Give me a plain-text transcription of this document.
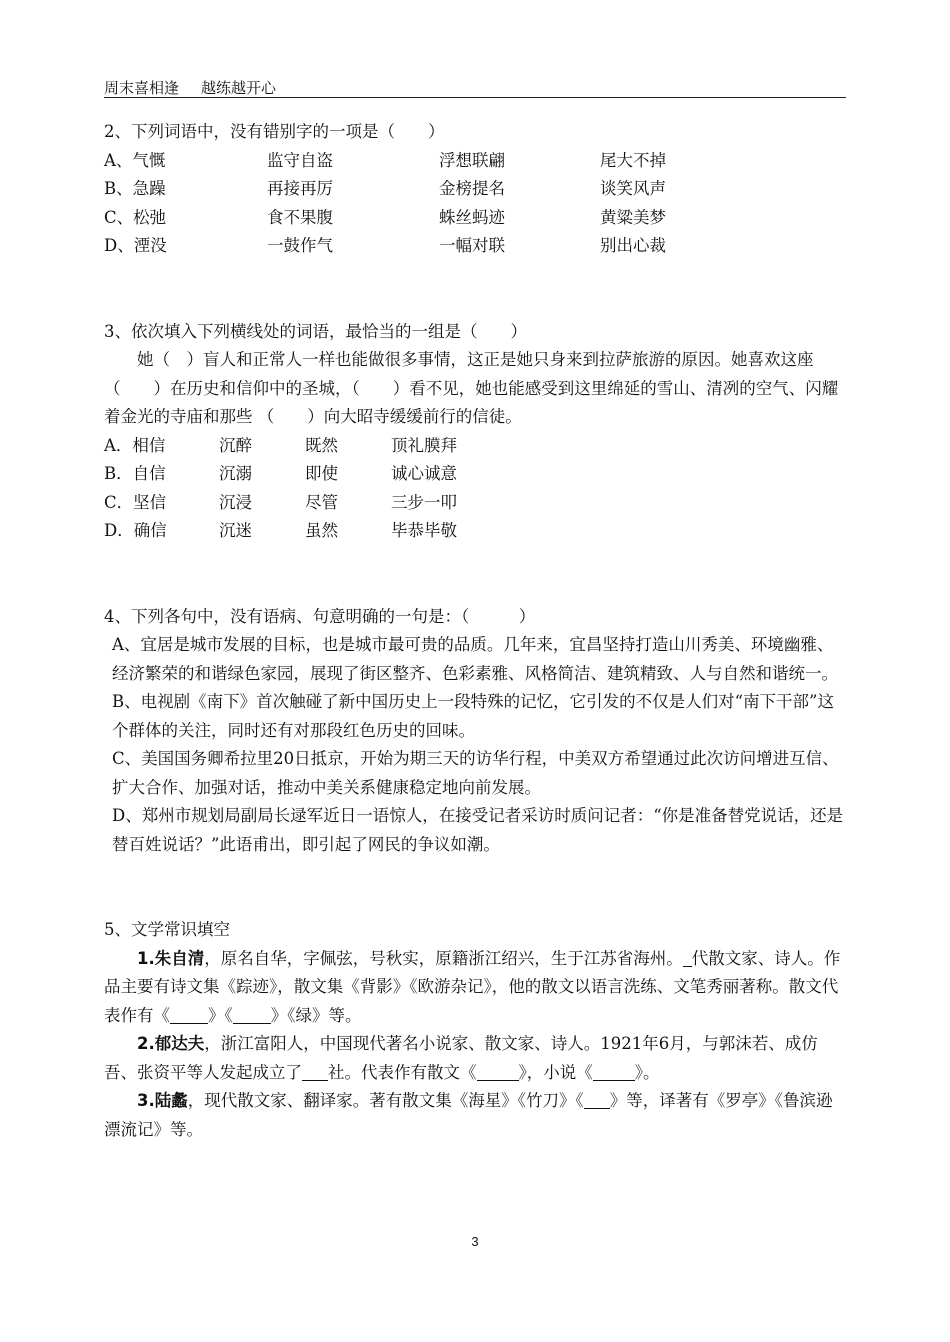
周末喜相逢 越练越开心
2、下列词语中，没有错别字的一项是（　　）
A、气慨	监守自盗	浮想联翩	尾大不掉
B、急躁	再接再厉	金榜提名	谈笑风声
C、松弛	食不果腹	蛛丝蚂迹	黄粱美梦
D、湮没	一鼓作气	一幅对联	别出心裁
3、依次填入下列横线处的词语，最恰当的一组是（　　）
她（　）盲人和正常人一样也能做很多事情，这正是她只身来到拉萨旅游的原因。她喜欢这座（　　）在历史和信仰中的圣城，（　　）看不见，她也能感受到这里绵延的雪山、清冽的空气、闪耀着金光的寺庙和那些 （　　）向大昭寺缓缓前行的信徒。
A．相信	沉醉	既然	顶礼膜拜
B．自信	沉溺	即使	诚心诚意
C．坚信	沉浸	尽管	三步一叩
D．确信	沉迷	虽然	毕恭毕敬
4、下列各句中，没有语病、句意明确的一句是：（　　　）
A、宜居是城市发展的目标，也是城市最可贵的品质。几年来，宜昌坚持打造山川秀美、环境幽雅、经济繁荣的和谐绿色家园，展现了街区整齐、色彩素雅、风格简洁、建筑精致、人与自然和谐统一。
B、电视剧《南下》首次触碰了新中国历史上一段特殊的记忆，它引发的不仅是人们对“南下干部”这个群体的关注，同时还有对那段红色历史的回味。
C、美国国务卿希拉里20日抵京，开始为期三天的访华行程，中美双方希望通过此次访问增进互信、扩大合作、加强对话，推动中美关系健康稳定地向前发展。
D、郑州市规划局副局长逯军近日一语惊人，在接受记者采访时质问记者：“你是准备替党说话，还是替百姓说话？”此语甫出，即引起了网民的争议如潮。
5、文学常识填空
1.朱自清，原名自华，字佩弦，号秋实，原籍浙江绍兴，生于江苏省海州。 代散文家、诗人。作品主要有诗文集《踪迹》，散文集《背影》《欧游杂记》，他的散文以语言洗练、文笔秀丽著称。散文代表作有《 》《 》《绿》等。
2.郁达夫，浙江富阳人，中国现代著名小说家、散文家、诗人。1921年6月，与郭沫若、成仿吾、张资平等人发起成立了 社。代表作有散文《	》，小说《	》。
3.陆蠡，现代散文家、翻译家。著有散文集《海星》《竹刀》《 》等，译著有《罗亭》《鲁滨逊漂流记》等。
3
